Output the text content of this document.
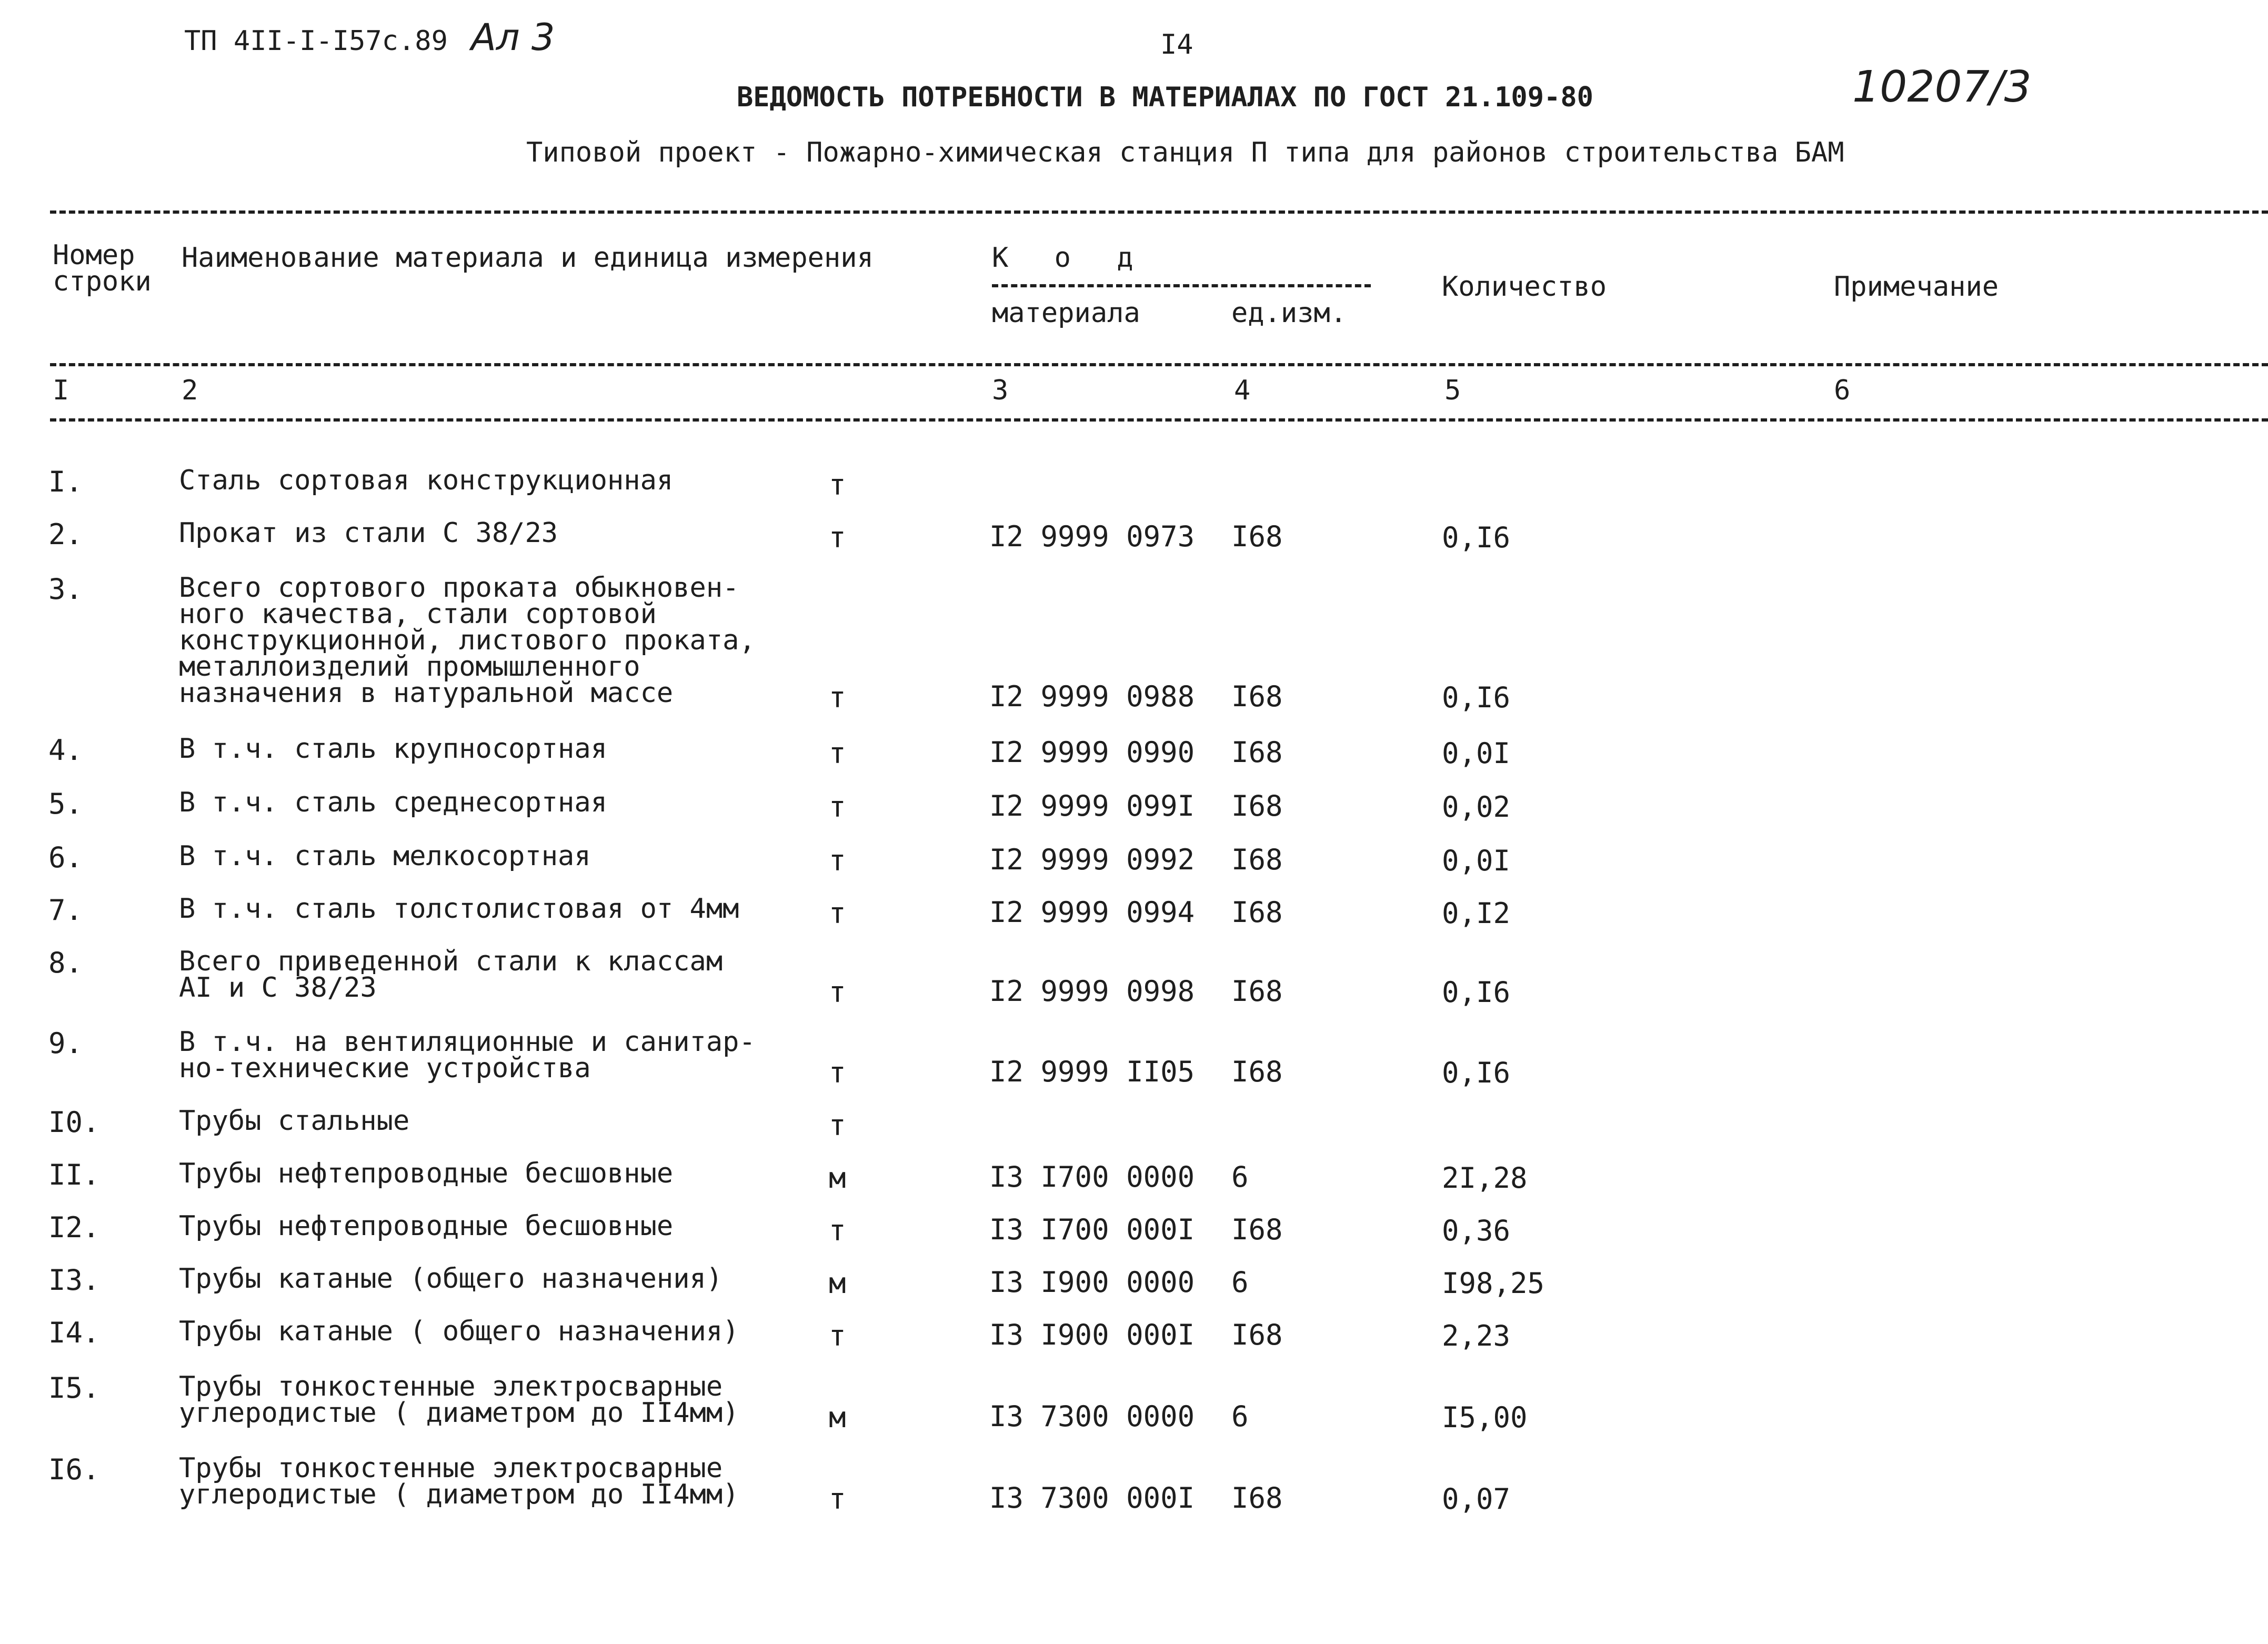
ТП 4II-I-I57c.89 Ал 3	I4
ВЕДОМОСТЬ ПОТРЕБНОСТИ В МАТЕРИАЛАХ ПО ГОСТ 21.109-80	10207/3
Типовой проект - Пожарно-химическая станция П типа для районов строительства БАМ
Номер
строки
Наименование материала и единица измерения	К о д
материала	ед.изм.
Количество	Примечание
I	2	3	4	5	6
I.	Сталь сортовая конструкционная	т
2.	Прокат из стали С 38/23	т	I2 9999 0973 I68	0,I6
3.	Всего сортового проката обыкновен-
ного качества, стали сортовой
конструкционной, листового проката,
металлоизделий промышленного
назначения в натуральной массе	т	I2 9999 0988 I68	0,I6
4.	В т.ч. сталь крупносортная	т	I2 9999 0990 I68	0,0I
5.	В т.ч. сталь среднесортная	т	I2 9999 099I I68	0,02
6.	В т.ч. сталь мелкосортная	т	I2 9999 0992 I68	0,0I
7.	В т.ч. сталь толстолистовая от 4мм	т	I2 9999 0994 I68	0,I2
8.	Всего приведенной стали к классам
AI и С 38/23	т	I2 9999 0998 I68	0,I6
9.	В т.ч. на вентиляционные и санитар-
но-технические устройства	т	I2 9999 II05 I68	0,I6
I0.	Трубы стальные	т
II.	Трубы нефтепроводные бесшовные	м	I3 I700 0000 6	2I,28
I2.	Трубы нефтепроводные бесшовные	т	I3 I700 000I I68	0,36
I3.	Трубы катаные (общего назначения)	м	I3 I900 0000 6	I98,25
I4.	Трубы катаные ( общего назначения)	т	I3 I900 000I I68	2,23
I5.	Трубы тонкостенные электросварные
углеродистые ( диаметром до II4мм)	м	I3 7300 0000 6	I5,00
I6.	Трубы тонкостенные электросварные
углеродистые ( диаметром до II4мм)	т	I3 7300 000I I68	0,07
